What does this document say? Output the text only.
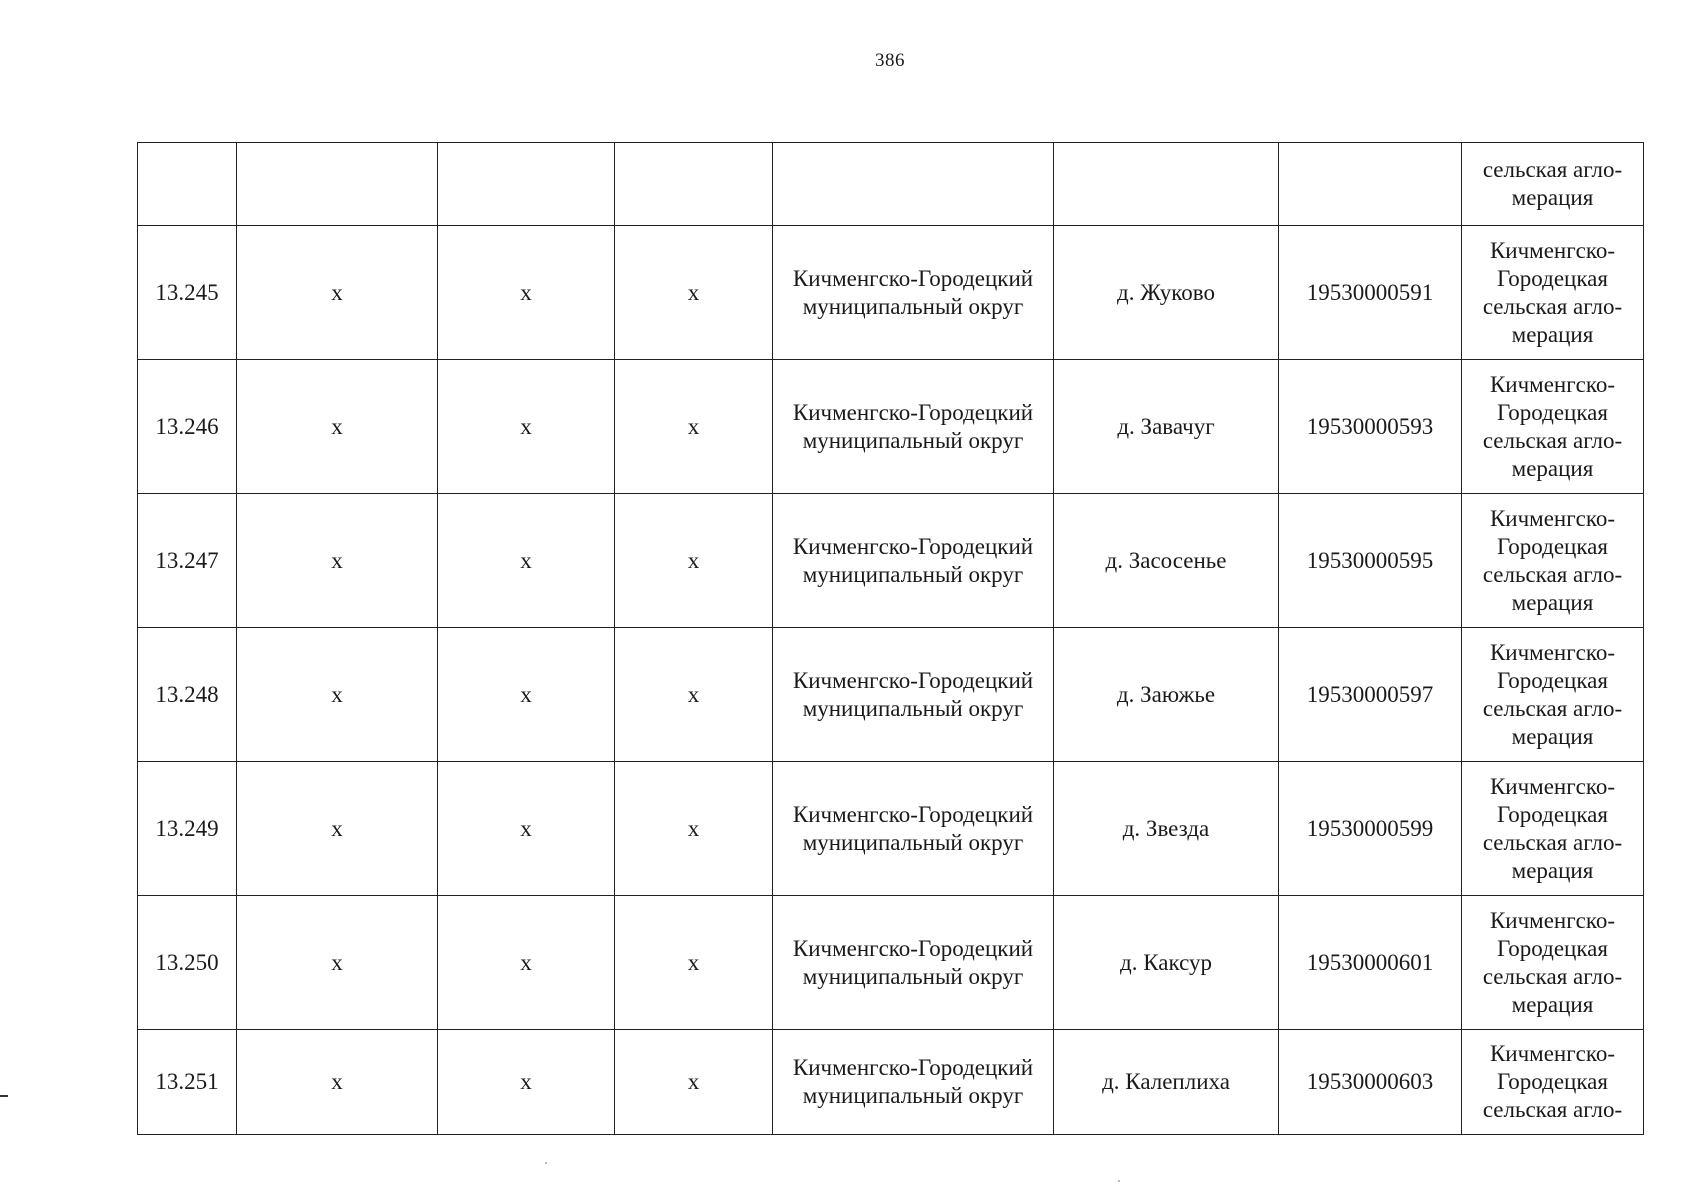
386
							сельская агло-
мерация
13.245	х	х	х	Кичменгско-Городецкий муниципальный округ	д. Жуково	19530000591	Кичменгско-
Городецкая
сельская агло-
мерация
13.246	х	х	х	Кичменгско-Городецкий муниципальный округ	д. Завачуг	19530000593	Кичменгско-
Городецкая
сельская агло-
мерация
13.247	х	х	х	Кичменгско-Городецкий муниципальный округ	д. Засосенье	19530000595	Кичменгско-
Городецкая
сельская агло-
мерация
13.248	х	х	х	Кичменгско-Городецкий муниципальный округ	д. Заюжье	19530000597	Кичменгско-
Городецкая
сельская агло-
мерация
13.249	х	х	х	Кичменгско-Городецкий муниципальный округ	д. Звезда	19530000599	Кичменгско-
Городецкая
сельская агло-
мерация
13.250	х	х	х	Кичменгско-Городецкий муниципальный округ	д. Каксур	19530000601	Кичменгско-
Городецкая
сельская агло-
мерация
13.251	х	х	х	Кичменгско-Городецкий муниципальный округ	д. Калеплиха	19530000603	Кичменгско-
Городецкая
сельская агло-
